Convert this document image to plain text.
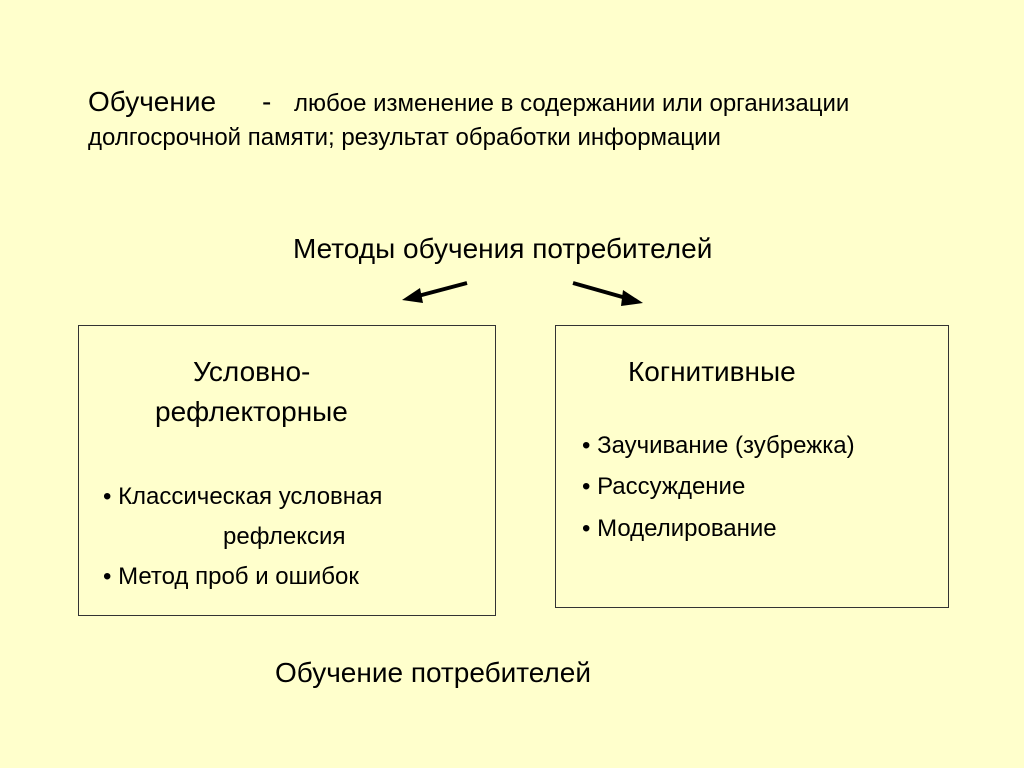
Обучение - любое изменение в содержании или организации
долгосрочной памяти; результат обработки информации
Методы обучения потребителей
Условно-
рефлекторные
• Классическая условная
рефлексия
• Метод проб и ошибок
Когнитивные
• Заучивание (зубрежка)
• Рассуждение
• Моделирование
Обучение потребителей
